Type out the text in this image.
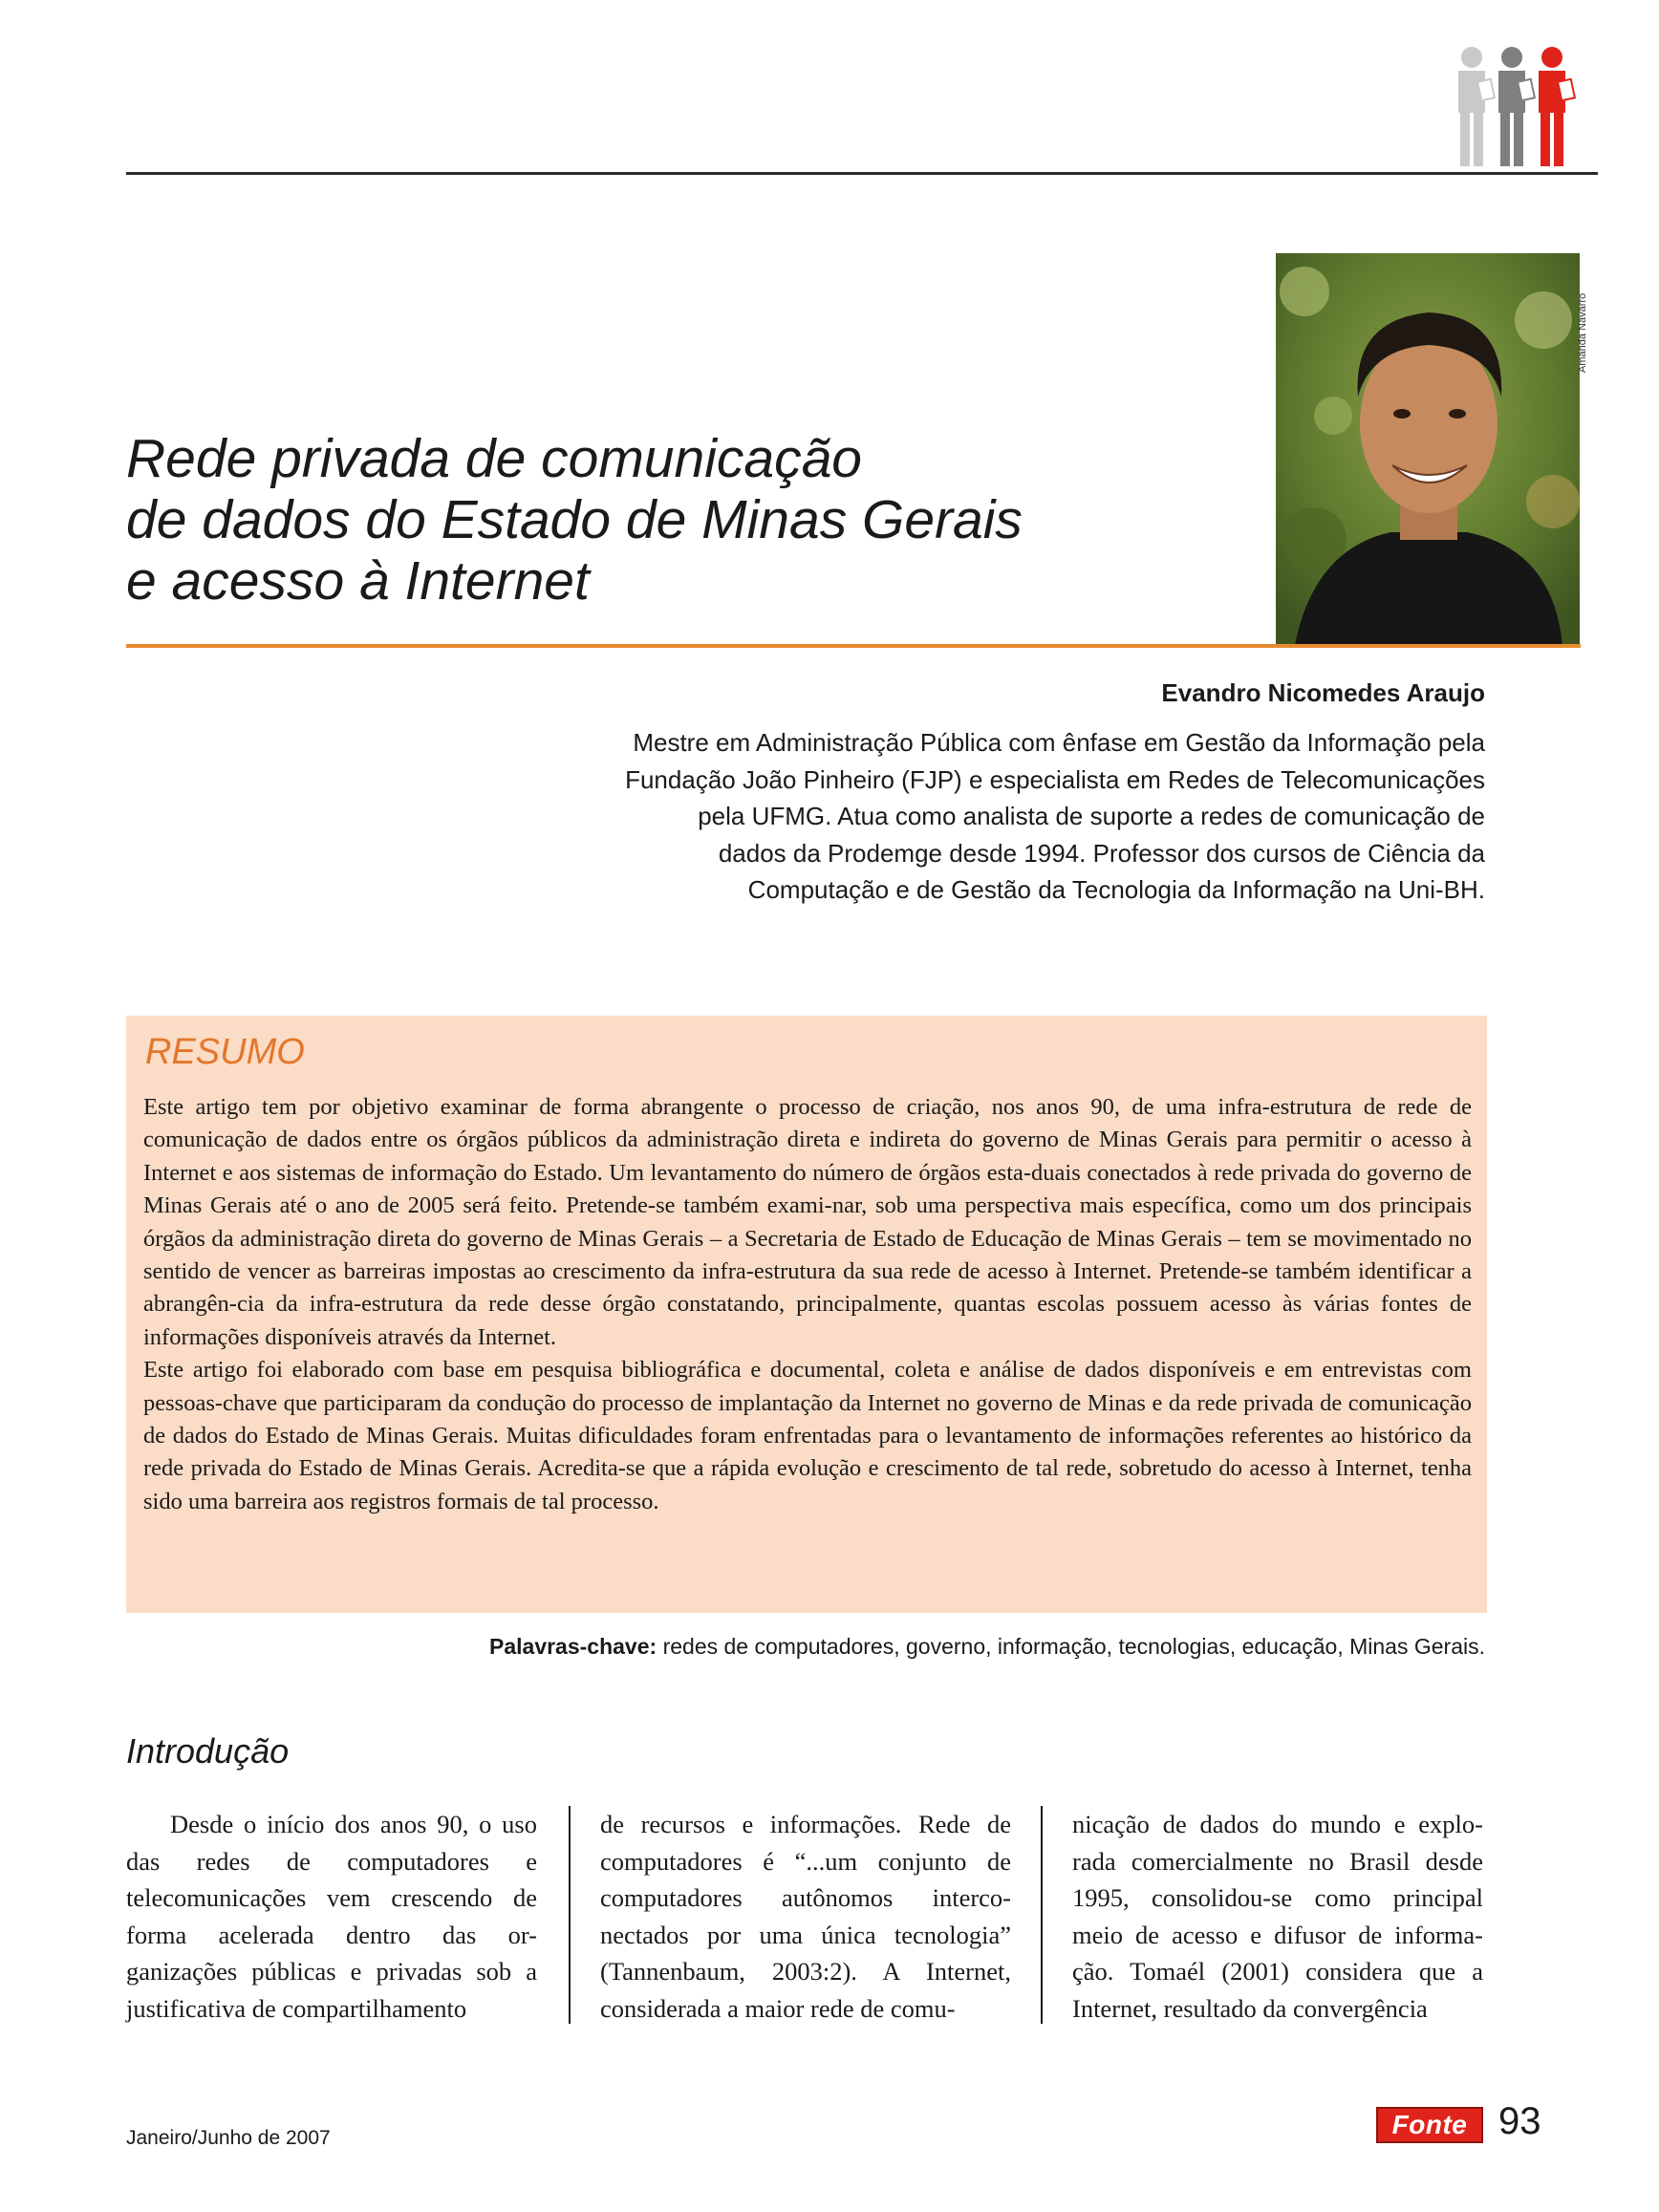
Amanda Navarro
Rede privada de comunicação
de dados do Estado de Minas Gerais
e acesso à Internet
Evandro Nicomedes Araujo
Mestre em Administração Pública com ênfase em Gestão da Informação pela Fundação João Pinheiro (FJP) e especialista em Redes de Telecomunicações pela UFMG. Atua como analista de suporte a redes de comunicação de dados da Prodemge desde 1994. Professor dos cursos de Ciência da Computação e de Gestão da Tecnologia da Informação na Uni-BH.
RESUMO

Este artigo tem por objetivo examinar de forma abrangente o processo de criação, nos anos 90, de uma infra-estrutura de rede de comunicação de dados entre os órgãos públicos da administração direta e indireta do governo de Minas Gerais para permitir o acesso à Internet e aos sistemas de informação do Estado. Um levantamento do número de órgãos esta-duais conectados à rede privada do governo de Minas Gerais até o ano de 2005 será feito. Pretende-se também exami-nar, sob uma perspectiva mais específica, como um dos principais órgãos da administração direta do governo de Minas Gerais – a Secretaria de Estado de Educação de Minas Gerais – tem se movimentado no sentido de vencer as barreiras impostas ao crescimento da infra-estrutura da sua rede de acesso à Internet. Pretende-se também identificar a abrangên-cia da infra-estrutura da rede desse órgão constatando, principalmente, quantas escolas possuem acesso às várias fontes de informações disponíveis através da Internet.

Este artigo foi elaborado com base em pesquisa bibliográfica e documental, coleta e análise de dados disponíveis e em entrevistas com pessoas-chave que participaram da condução do processo de implantação da Internet no governo de Minas e da rede privada de comunicação de dados do Estado de Minas Gerais. Muitas dificuldades foram enfrentadas para o levantamento de informações referentes ao histórico da rede privada do Estado de Minas Gerais. Acredita-se que a rápida evolução e crescimento de tal rede, sobretudo do acesso à Internet, tenha sido uma barreira aos registros formais de tal processo.

Palavras-chave: redes de computadores, governo, informação, tecnologias, educação, Minas Gerais.
Introdução

Desde o início dos anos 90, o uso das redes de computadores e telecomunicações vem crescendo de forma acelerada dentro das or-ganizações públicas e privadas sob a justificativa de compartilhamento

de recursos e informações. Rede de computadores é “...um conjunto de computadores autônomos interco-nectados por uma única tecnologia” (Tannenbaum, 2003:2). A Internet, considerada a maior rede de comu-

nicação de dados do mundo e explo-rada comercialmente no Brasil desde 1995, consolidou-se como principal meio de acesso e difusor de informa-ção. Tomaél (2001) considera que a Internet, resultado da convergência

Janeiro/Junho de 2007	Fonte 93
